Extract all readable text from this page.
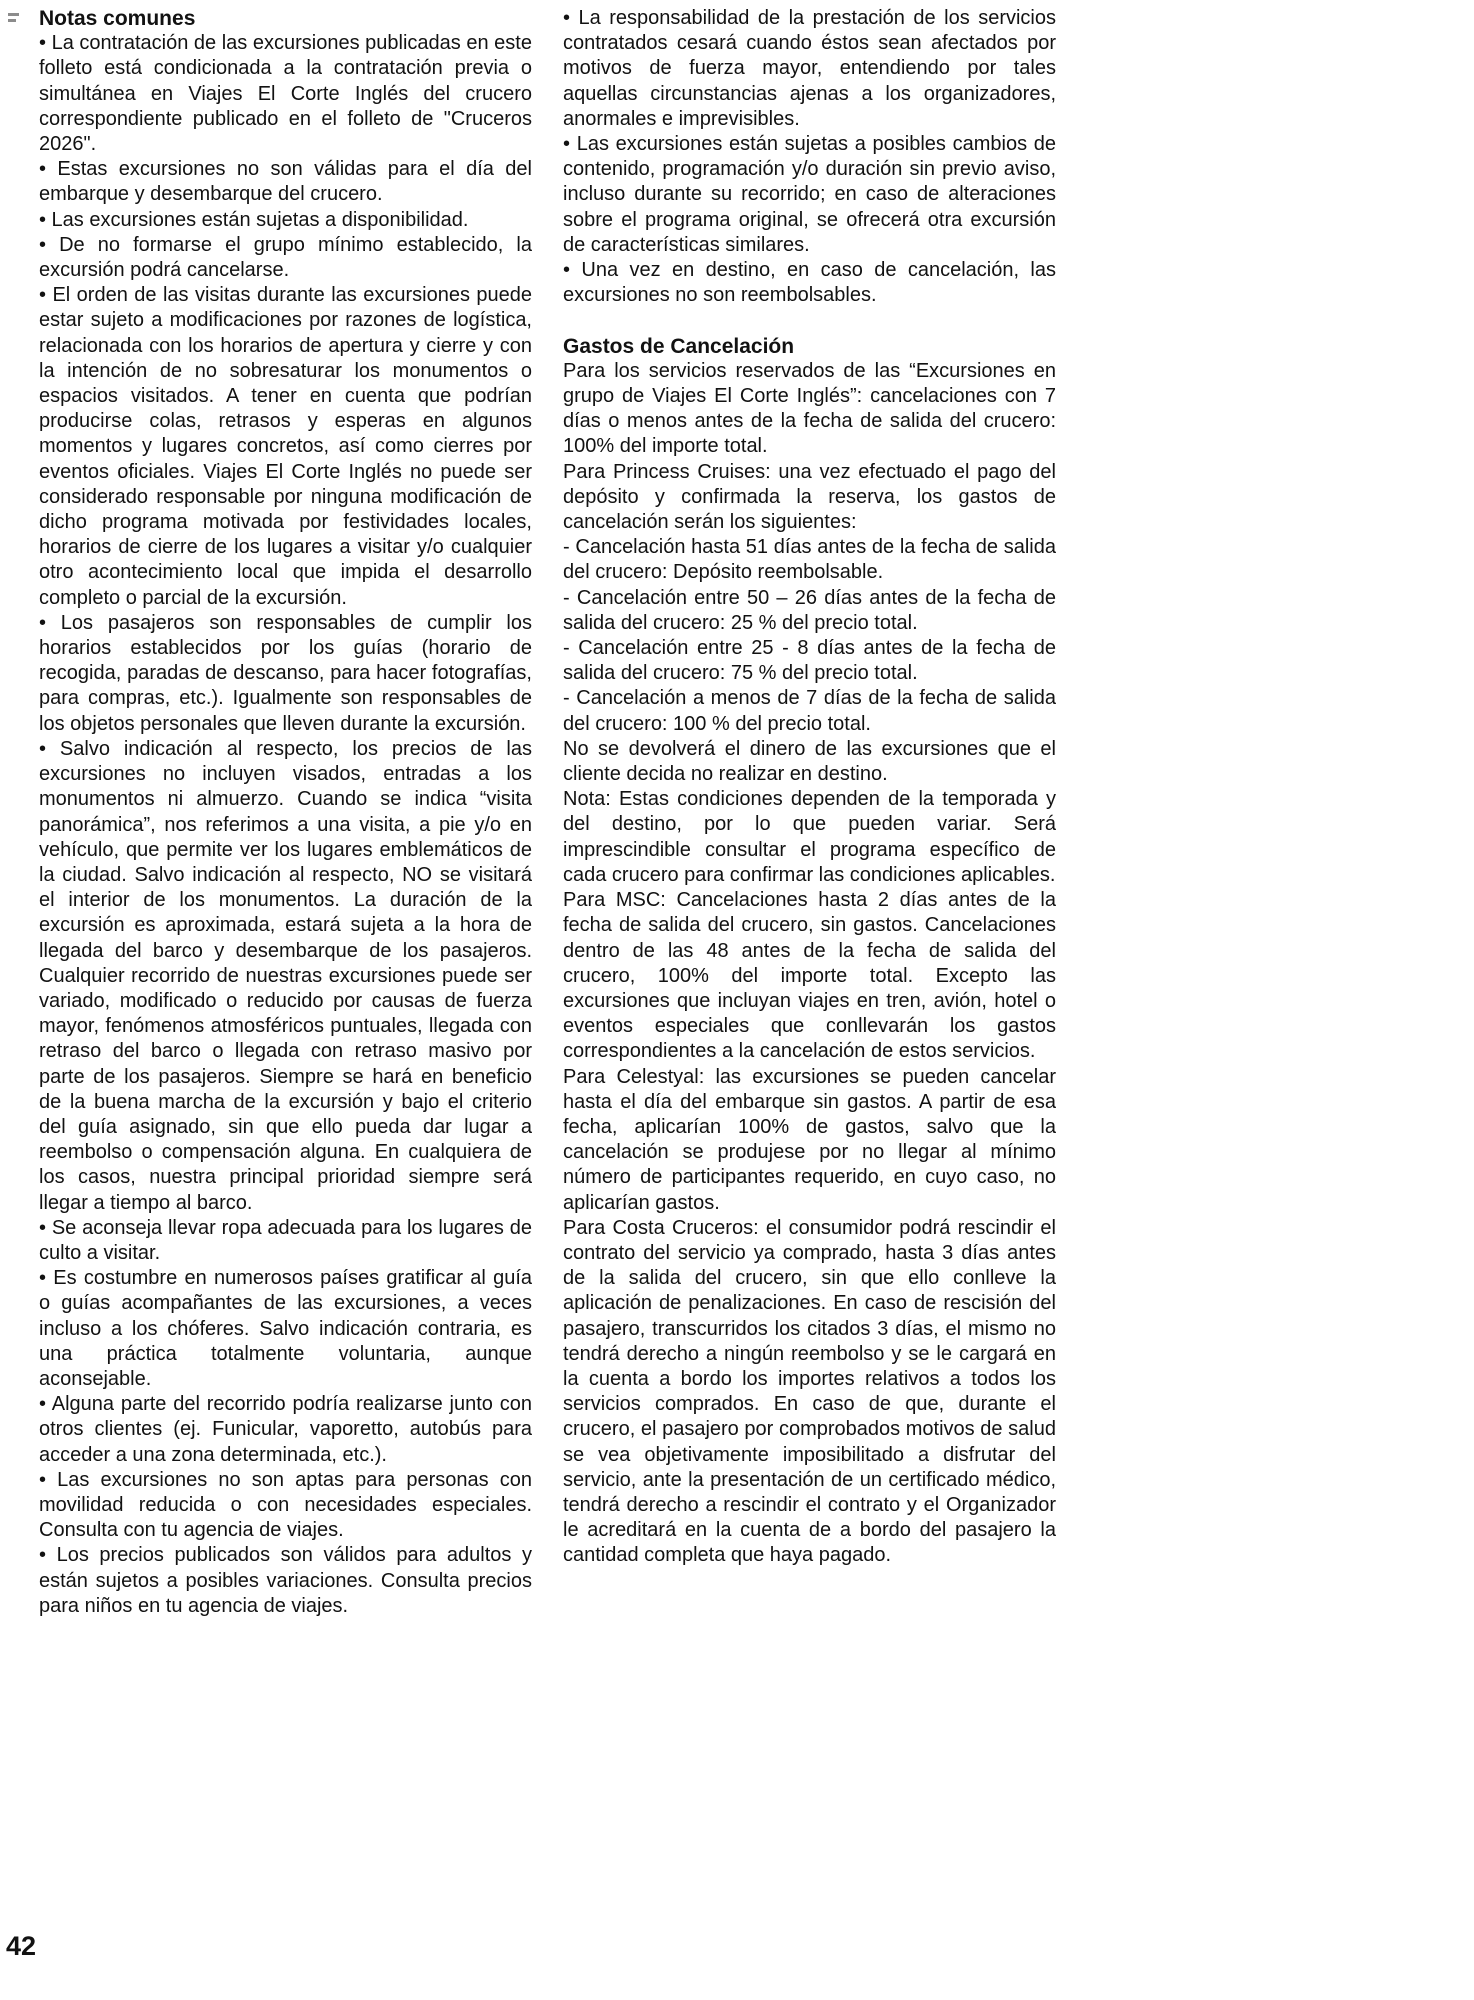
Notas comunes

• La contratación de las excursiones publicadas en este folleto está condicionada a la contratación previa o simultánea en Viajes El Corte Inglés del crucero correspondiente publicado en el folleto de "Cruceros 2026".

• Estas excursiones no son válidas para el día del embarque y desembarque del crucero.

• Las excursiones están sujetas a disponibilidad.

• De no formarse el grupo mínimo establecido, la excursión podrá cancelarse.

• El orden de las visitas durante las excursiones puede estar sujeto a modificaciones por razones de logística, relacionada con los horarios de apertura y cierre y con la intención de no sobresaturar los monumentos o espacios visitados. A tener en cuenta que podrían producirse colas, retrasos y esperas en algunos momentos y lugares concretos, así como cierres por eventos oficiales. Viajes El Corte Inglés no puede ser considerado responsable por ninguna modificación de dicho programa motivada por festividades locales, horarios de cierre de los lugares a visitar y/o cualquier otro acontecimiento local que impida el desarrollo completo o parcial de la excursión.

• Los pasajeros son responsables de cumplir los horarios establecidos por los guías (horario de recogida, paradas de descanso, para hacer fotografías, para compras, etc.). Igualmente son responsables de los objetos personales que lleven durante la excursión.

• Salvo indicación al respecto, los precios de las excursiones no incluyen visados, entradas a los monumentos ni almuerzo. Cuando se indica “visita panorámica”, nos referimos a una visita, a pie y/o en vehículo, que permite ver los lugares emblemáticos de la ciudad. Salvo indicación al respecto, NO se visitará el interior de los monumentos. La duración de la excursión es aproximada, estará sujeta a la hora de llegada del barco y desembarque de los pasajeros. Cualquier recorrido de nuestras excursiones puede ser variado, modificado o reducido por causas de fuerza mayor, fenómenos atmosféricos puntuales, llegada con retraso del barco o llegada con retraso masivo por parte de los pasajeros. Siempre se hará en beneficio de la buena marcha de la excursión y bajo el criterio del guía asignado, sin que ello pueda dar lugar a reembolso o compensación alguna. En cualquiera de los casos, nuestra principal prioridad siempre será llegar a tiempo al barco.

• Se aconseja llevar ropa adecuada para los lugares de culto a visitar.

• Es costumbre en numerosos países gratificar al guía o guías acompañantes de las excursiones, a veces incluso a los chóferes. Salvo indicación contraria, es una práctica totalmente voluntaria, aunque aconsejable.

• Alguna parte del recorrido podría realizarse junto con otros clientes (ej. Funicular, vaporetto, autobús para acceder a una zona determinada, etc.).

• Las excursiones no son aptas para personas con movilidad reducida o con necesidades especiales. Consulta con tu agencia de viajes.

• Los precios publicados son válidos para adultos y están sujetos a posibles variaciones. Consulta precios para niños en tu agencia de viajes.

• La responsabilidad de la prestación de los servicios contratados cesará cuando éstos sean afectados por motivos de fuerza mayor, entendiendo por tales aquellas circunstancias ajenas a los organizadores, anormales e imprevisibles.

• Las excursiones están sujetas a posibles cambios de contenido, programación y/o duración sin previo aviso, incluso durante su recorrido; en caso de alteraciones sobre el programa original, se ofrecerá otra excursión de características similares.

• Una vez en destino, en caso de cancelación, las excursiones no son reembolsables.

Gastos de Cancelación

Para los servicios reservados de las “Excursiones en grupo de Viajes El Corte Inglés”: cancelaciones con 7 días o menos antes de la fecha de salida del crucero: 100% del importe total.

Para Princess Cruises: una vez efectuado el pago del depósito y confirmada la reserva, los gastos de cancelación serán los siguientes:

- Cancelación hasta 51 días antes de la fecha de salida del crucero: Depósito reembolsable.

- Cancelación entre 50 – 26 días antes de la fecha de salida del crucero: 25 % del precio total.

- Cancelación entre 25 - 8 días antes de la fecha de salida del crucero: 75 % del precio total.

- Cancelación a menos de 7 días de la fecha de salida del crucero: 100 % del precio total.

No se devolverá el dinero de las excursiones que el cliente decida no realizar en destino.

Nota: Estas condiciones dependen de la temporada y del destino, por lo que pueden variar. Será imprescindible consultar el programa específico de cada crucero para confirmar las condiciones aplicables.

Para MSC: Cancelaciones hasta 2 días antes de la fecha de salida del crucero, sin gastos. Cancelaciones dentro de las 48 antes de la fecha de salida del crucero, 100% del importe total. Excepto las excursiones que incluyan viajes en tren, avión, hotel o eventos especiales que conllevarán los gastos correspondientes a la cancelación de estos servicios.

Para Celestyal: las excursiones se pueden cancelar hasta el día del embarque sin gastos. A partir de esa fecha, aplicarían 100% de gastos, salvo que la cancelación se produjese por no llegar al mínimo número de participantes requerido, en cuyo caso, no aplicarían gastos.

Para Costa Cruceros: el consumidor podrá rescindir el contrato del servicio ya comprado, hasta 3 días antes de la salida del crucero, sin que ello conlleve la aplicación de penalizaciones. En caso de rescisión del pasajero, transcurridos los citados 3 días, el mismo no tendrá derecho a ningún reembolso y se le cargará en la cuenta a bordo los importes relativos a todos los servicios comprados. En caso de que, durante el crucero, el pasajero por comprobados motivos de salud se vea objetivamente imposibilitado a disfrutar del servicio, ante la presentación de un certificado médico, tendrá derecho a rescindir el contrato y el Organizador le acreditará en la cuenta de a bordo del pasajero la cantidad completa que haya pagado.

42
